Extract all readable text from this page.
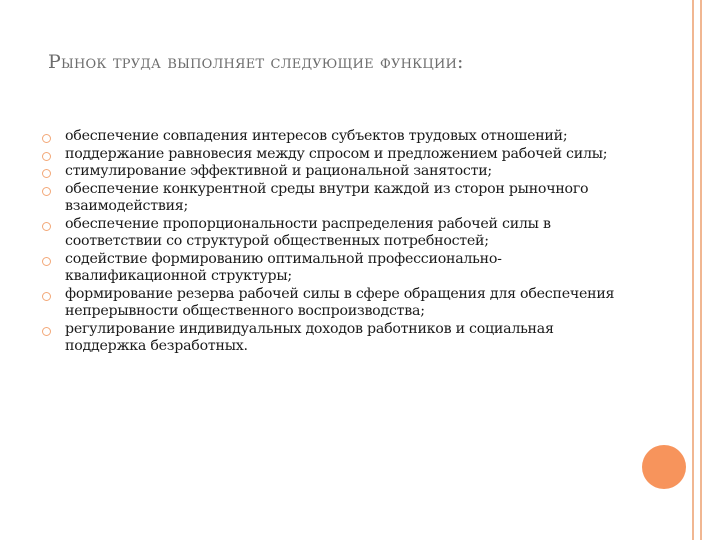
Рынок труда выполняет следующие функции:
обеспечение совпадения интересов субъектов трудовых отношений;
поддержание равновесия между спросом и предложением рабочей силы;
стимулирование эффективной и рациональной занятости;
обеспечение конкурентной среды внутри каждой из сторон рыночного взаимодействия;
обеспечение пропорциональности распределения рабочей силы в соответствии со структурой общественных потребностей;
содействие формированию оптимальной профессионально-квалификационной структуры;
формирование резерва рабочей силы в сфере обращения для обеспечения непрерывности общественного воспроизводства;
регулирование индивидуальных доходов работников и социальная поддержка безработных.
